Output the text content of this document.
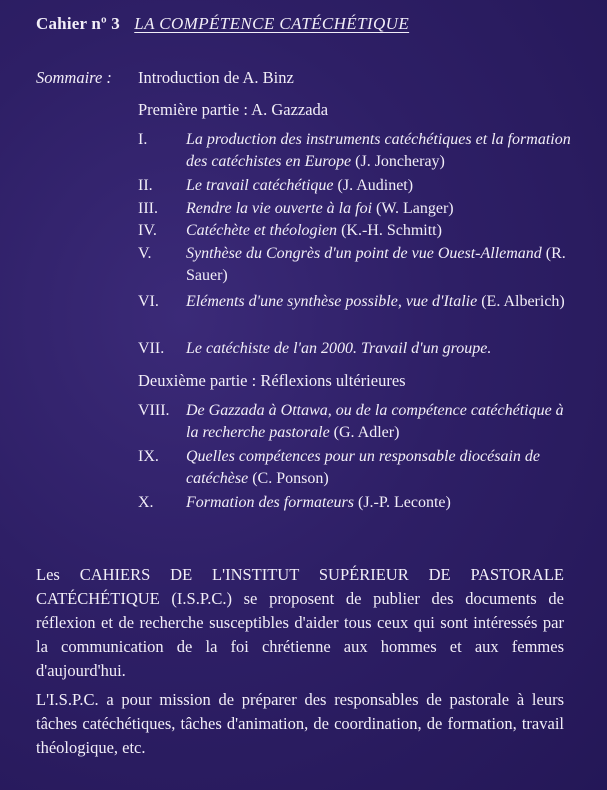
Cahier nº 3 LA COMPÉTENCE CATÉCHÉTIQUE
Sommaire : Introduction de A. Binz
Première partie : A. Gazzada
I. La production des instruments catéchétiques et la formation des catéchistes en Europe (J. Joncheray)
II. Le travail catéchétique (J. Audinet)
III. Rendre la vie ouverte à la foi (W. Langer)
IV. Catéchète et théologien (K.-H. Schmitt)
V. Synthèse du Congrès d'un point de vue Ouest-Allemand (R. Sauer)
VI. Eléments d'une synthèse possible, vue d'Italie (E. Alberich)
VII. Le catéchiste de l'an 2000. Travail d'un groupe.
Deuxième partie : Réflexions ultérieures
VIII. De Gazzada à Ottawa, ou de la compétence catéchétique à la recherche pastorale (G. Adler)
IX. Quelles compétences pour un responsable diocésain de catéchèse (C. Ponson)
X. Formation des formateurs (J.-P. Leconte)
Les CAHIERS DE L'INSTITUT SUPÉRIEUR DE PASTORALE CATÉCHÉTIQUE (I.S.P.C.) se proposent de publier des documents de réflexion et de recherche susceptibles d'aider tous ceux qui sont intéressés par la communication de la foi chrétienne aux hommes et aux femmes d'aujourd'hui.
L'I.S.P.C. a pour mission de préparer des responsables de pastorale à leurs tâches catéchétiques, tâches d'animation, de coordination, de formation, travail théologique, etc.
